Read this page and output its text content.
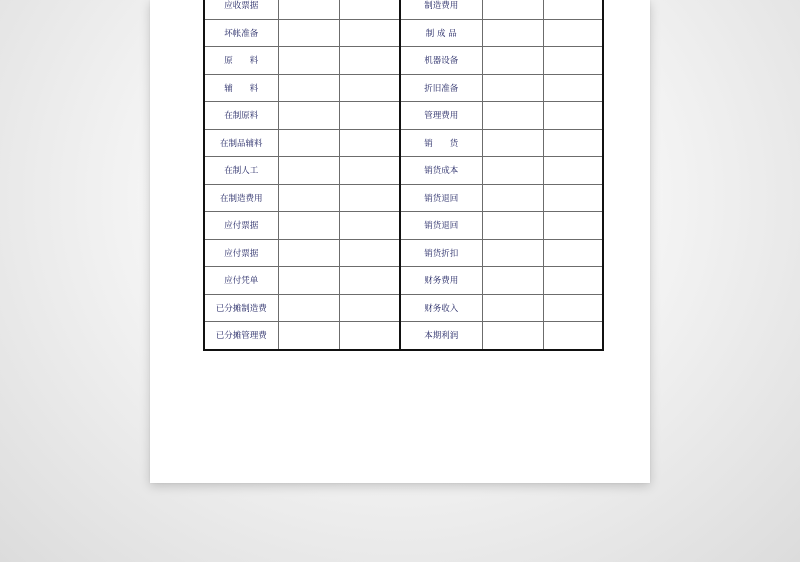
应收票据			制造费用		
坏帐准备			制 成 品		
原　　料			机器设备		
辅　　料			折旧准备		
在制原料			管理费用		
在制品辅料			销　　货		
在制人工			销货成本		
在制造费用			销货退回		
应付票据			销货退回		
应付票据			销货折扣		
应付凭单			财务费用		
已分摊制造费			财务收入		
已分摊管理费			本期利润		
